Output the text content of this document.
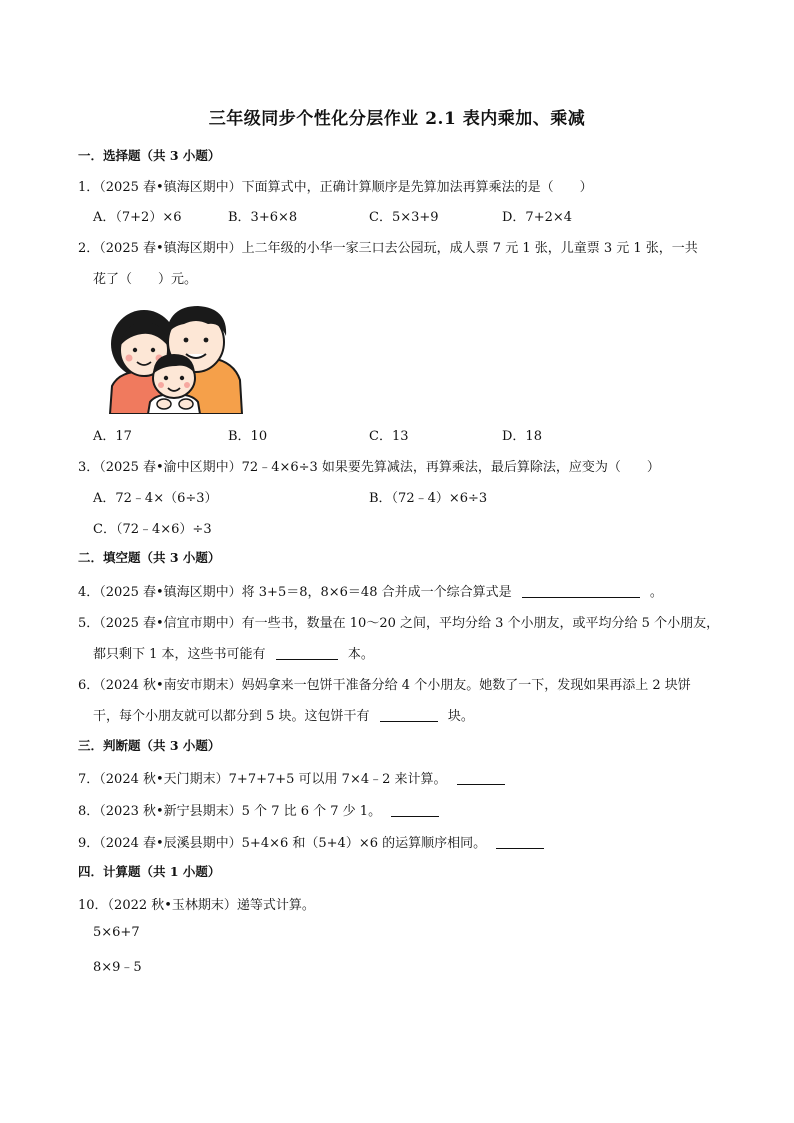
三年级同步个性化分层作业 2.1 表内乘加、乘减
一．选择题（共 3 小题）
1．（2025 春•镇海区期中）下面算式中，正确计算顺序是先算加法再算乘法的是（　　）
A．（7+2）×6	B．3+6×8	C．5×3+9	D．7+2×4
2．（2025 春•镇海区期中）上二年级的小华一家三口去公园玩，成人票 7 元 1 张，儿童票 3 元 1 张，一共
花了（　　）元。
A．17	B．10	C．13	D．18
3．（2025 春•渝中区期中）72﹣4×6÷3 如果要先算减法，再算乘法，最后算除法，应变为（　　）
A．72﹣4×（6÷3）	B．（72﹣4）×6÷3
C．（72﹣4×6）÷3
二．填空题（共 3 小题）
4．（2025 春•镇海区期中）将 3+5＝8，8×6＝48 合并成一个综合算式是	。
5．（2025 春•信宜市期中）有一些书，数量在 10～20 之间，平均分给 3 个小朋友，或平均分给 5 个小朋友，
都只剩下 1 本，这些书可能有	本。
6．（2024 秋•南安市期末）妈妈拿来一包饼干准备分给 4 个小朋友。她数了一下，发现如果再添上 2 块饼
干，每个小朋友就可以都分到 5 块。这包饼干有	块。
三．判断题（共 3 小题）
7．（2024 秋•天门期末）7+7+7+5 可以用 7×4﹣2 来计算。
8．（2023 秋•新宁县期末）5 个 7 比 6 个 7 少 1。
9．（2024 春•辰溪县期中）5+4×6 和（5+4）×6 的运算顺序相同。
四．计算题（共 1 小题）
10．（2022 秋•玉林期末）递等式计算。
5×6+7
8×9﹣5
